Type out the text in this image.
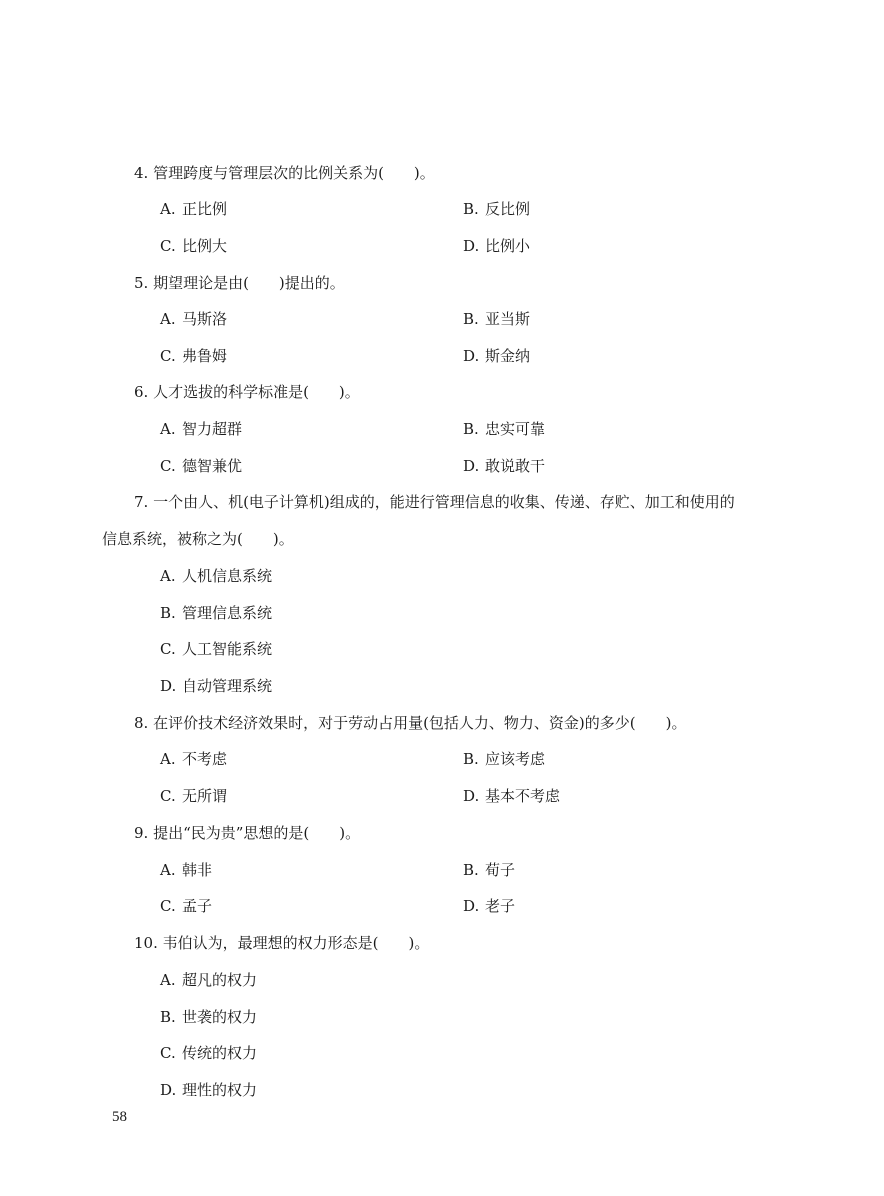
4. 管理跨度与管理层次的比例关系为(　　)。
A. 正比例	B. 反比例
C. 比例大	D. 比例小
5. 期望理论是由(　　)提出的。
A. 马斯洛	B. 亚当斯
C. 弗鲁姆	D. 斯金纳
6. 人才选拔的科学标准是(　　)。
A. 智力超群	B. 忠实可靠
C. 德智兼优	D. 敢说敢干
7. 一个由人、机(电子计算机)组成的，能进行管理信息的收集、传递、存贮、加工和使用的
信息系统，被称之为(　　)。
A. 人机信息系统
B. 管理信息系统
C. 人工智能系统
D. 自动管理系统
8. 在评价技术经济效果时，对于劳动占用量(包括人力、物力、资金)的多少(　　)。
A. 不考虑	B. 应该考虑
C. 无所谓	D. 基本不考虑
9. 提出“民为贵”思想的是(　　)。
A. 韩非	B. 荀子
C. 孟子	D. 老子
10. 韦伯认为，最理想的权力形态是(　　)。
A. 超凡的权力
B. 世袭的权力
C. 传统的权力
D. 理性的权力
58
